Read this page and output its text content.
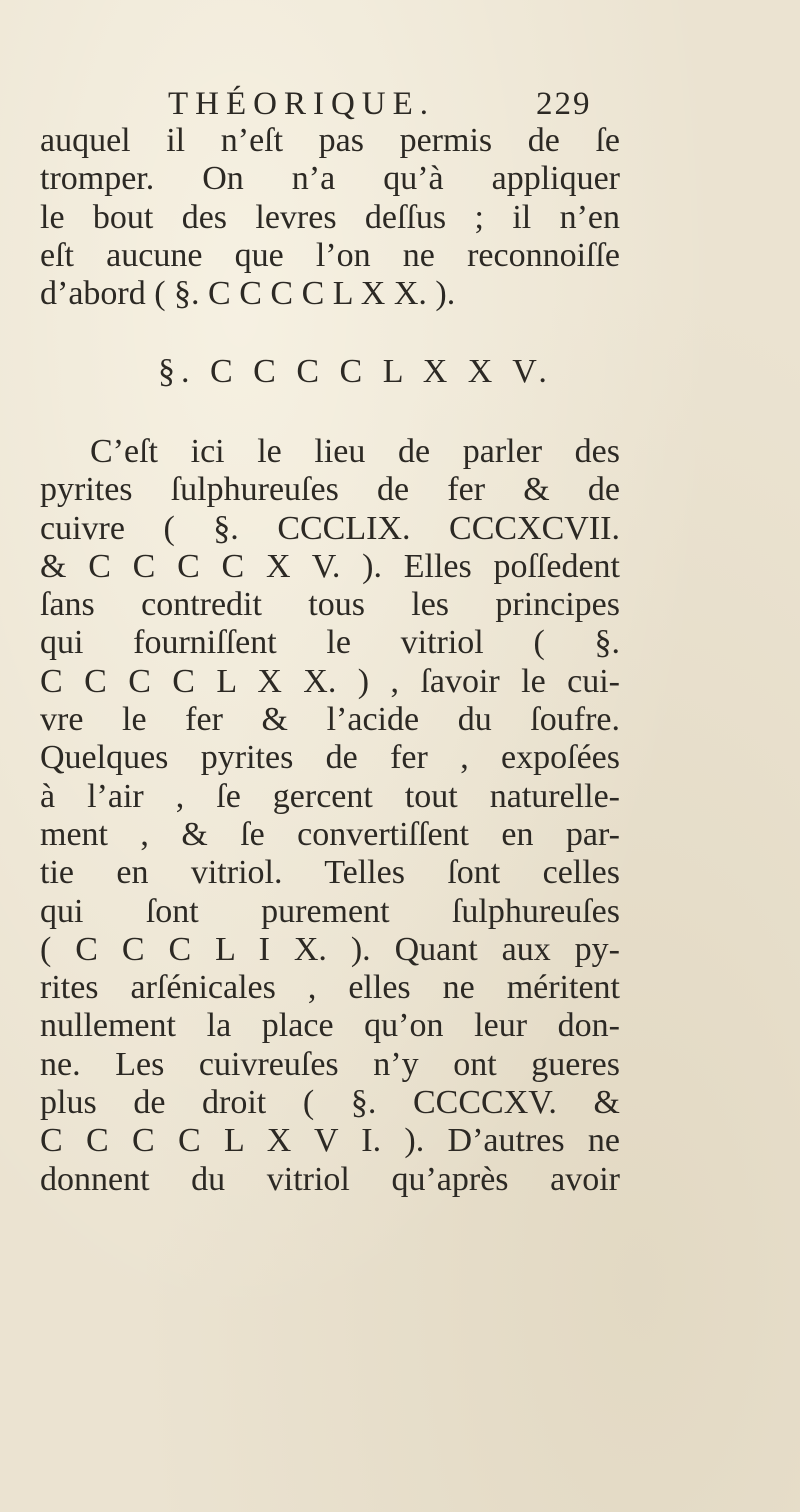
THÉORIQUE.	229
auquel il n’eſt pas permis de ſe
tromper. On n’a qu’à appliquer
le bout des levres deſſus ; il n’en
eſt aucune que l’on ne reconnoiſſe
d’abord ( §. C C C C L X X. ).
§. C C C C L X X V.
C’eſt ici le lieu de parler des
pyrites ſulphureuſes de fer & de
cuivre ( §. CCCLIX. CCCXCVII.
& C C C C X V. ). Elles poſſedent
ſans contredit tous les principes
qui fourniſſent le vitriol ( §.
C C C C L X X. ) , ſavoir le cui-
vre le fer & l’acide du ſoufre.
Quelques pyrites de fer , expoſées
à l’air , ſe gercent tout naturelle-
ment , & ſe convertiſſent en par-
tie en vitriol. Telles ſont celles
qui ſont purement ſulphureuſes
( C C C L I X. ). Quant aux py-
rites arſénicales , elles ne méritent
nullement la place qu’on leur don-
ne. Les cuivreuſes n’y ont gueres
plus de droit ( §. CCCCXV. &
C C C C L X V I. ). D’autres ne
donnent du vitriol qu’après avoir
